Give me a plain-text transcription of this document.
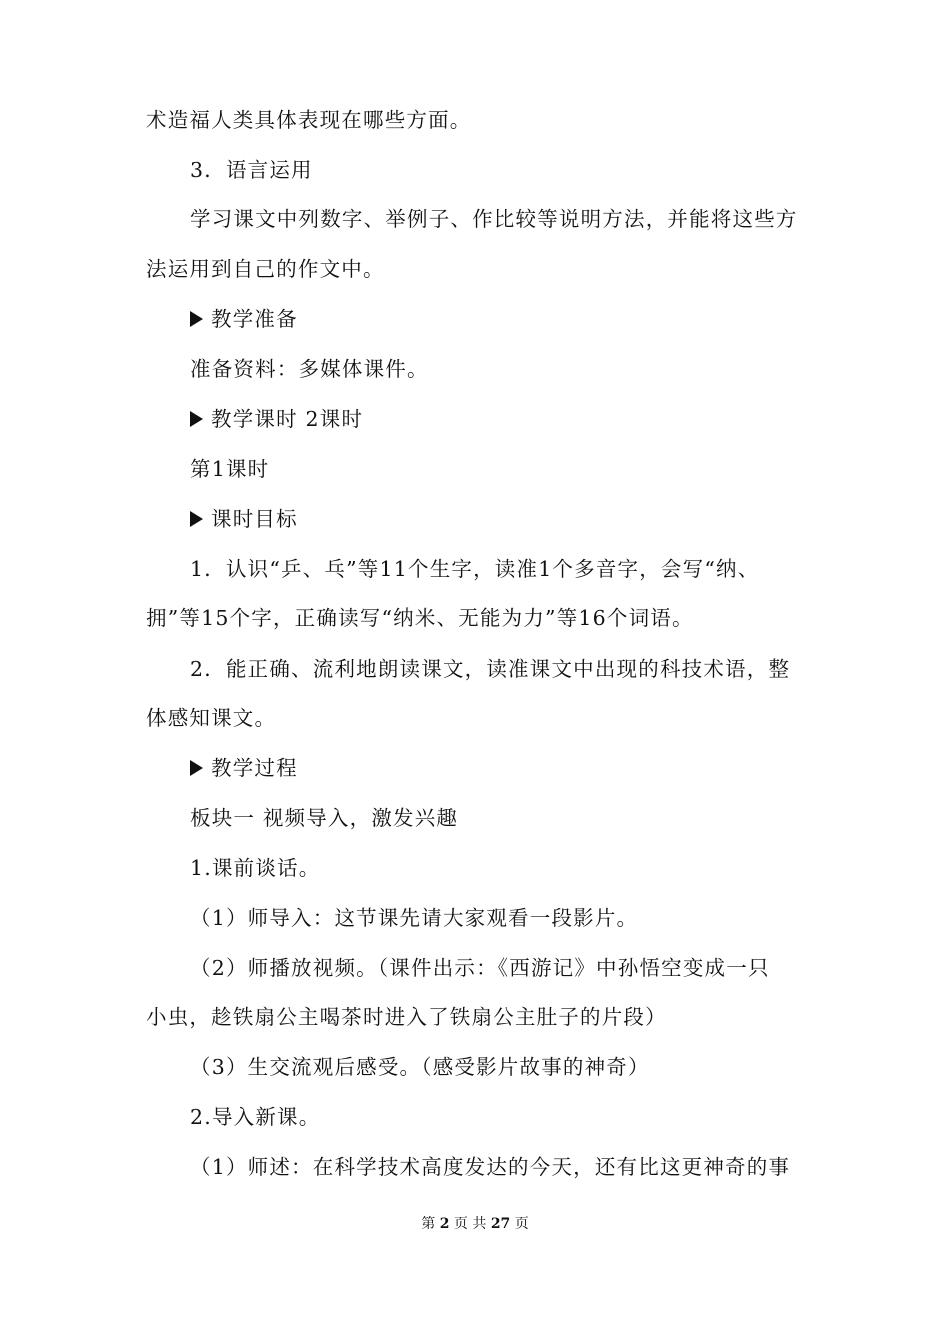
术造福人类具体表现在哪些方面。
3．语言运用
学习课文中列数字、举例子、作比较等说明方法，并能将这些方
法运用到自己的作文中。
教学准备
准备资料：多媒体课件。
教学课时 2课时
第1课时
课时目标
1．认识“乒、乓”等11个生字，读准1个多音字，会写“纳、
拥”等15个字，正确读写“纳米、无能为力”等16个词语。
2．能正确、流利地朗读课文，读准课文中出现的科技术语，整
体感知课文。
教学过程
板块一 视频导入，激发兴趣
1.课前谈话。
（1）师导入：这节课先请大家观看一段影片。
（2）师播放视频。（课件出示：《西游记》中孙悟空变成一只
小虫，趁铁扇公主喝茶时进入了铁扇公主肚子的片段）
（3）生交流观后感受。（感受影片故事的神奇）
2.导入新课。
（1）师述：在科学技术高度发达的今天，还有比这更神奇的事
第 2 页 共 27 页
